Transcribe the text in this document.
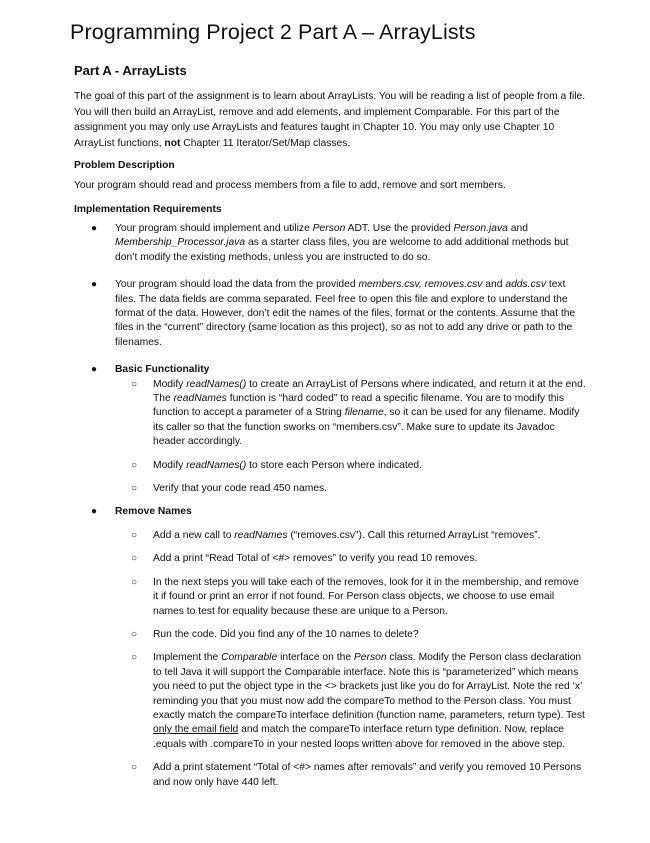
Programming Project 2 Part A – ArrayLists
Part A - ArrayLists

The goal of this part of the assignment is to learn about ArrayLists. You will be reading a list of people from a file. You will then build an ArrayList, remove and add elements, and implement Comparable. For this part of the assignment you may only use ArrayLists and features taught in Chapter 10. You may only use Chapter 10 ArrayList functions, not Chapter 11 Iterator/Set/Map classes.

Problem Description

Your program should read and process members from a file to add, remove and sort members.

Implementation Requirements
● Your program should implement and utilize Person ADT. Use the provided Person.java and Membership_Processor.java as a starter class files, you are welcome to add additional methods but don’t modify the existing methods, unless you are instructed to do so.
● Your program should load the data from the provided members.csv, removes.csv and adds.csv text files. The data fields are comma separated. Feel free to open this file and explore to understand the format of the data. However, don’t edit the names of the files, format or the contents. Assume that the files in the “current” directory (same location as this project), so as not to add any drive or path to the filenames.
● Basic Functionality
○ Modify readNames() to create an ArrayList of Persons where indicated, and return it at the end. The readNames function is “hard coded” to read a specific filename. You are to modify this function to accept a parameter of a String filename, so it can be used for any filename. Modify its caller so that the function sworks on “members.csv”. Make sure to update its Javadoc header accordingly.
○ Modify readNames() to store each Person where indicated.
○ Verify that your code read 450 names.
● Remove Names
○ Add a new call to readNames (“removes.csv”). Call this returned ArrayList “removes”.
○ Add a print “Read Total of <#> removes” to verify you read 10 removes.
○ In the next steps you will take each of the removes, look for it in the membership, and remove it if found or print an error if not found. For Person class objects, we choose to use email names to test for equality because these are unique to a Person.
○ Run the code. Did you find any of the 10 names to delete?
○ Implement the Comparable interface on the Person class. Modify the Person class declaration to tell Java it will support the Comparable interface. Note this is “parameterized” which means you need to put the object type in the <> brackets just like you do for ArrayList. Note the red ‘x’ reminding you that you must now add the compareTo method to the Person class. You must exactly match the compareTo interface definition (function name, parameters, return type). Test only the email field and match the compareTo interface return type definition. Now, replace .equals with .compareTo in your nested loops written above for removed in the above step.
○ Add a print statement “Total of <#> names after removals” and verify you removed 10 Persons and now only have 440 left.
